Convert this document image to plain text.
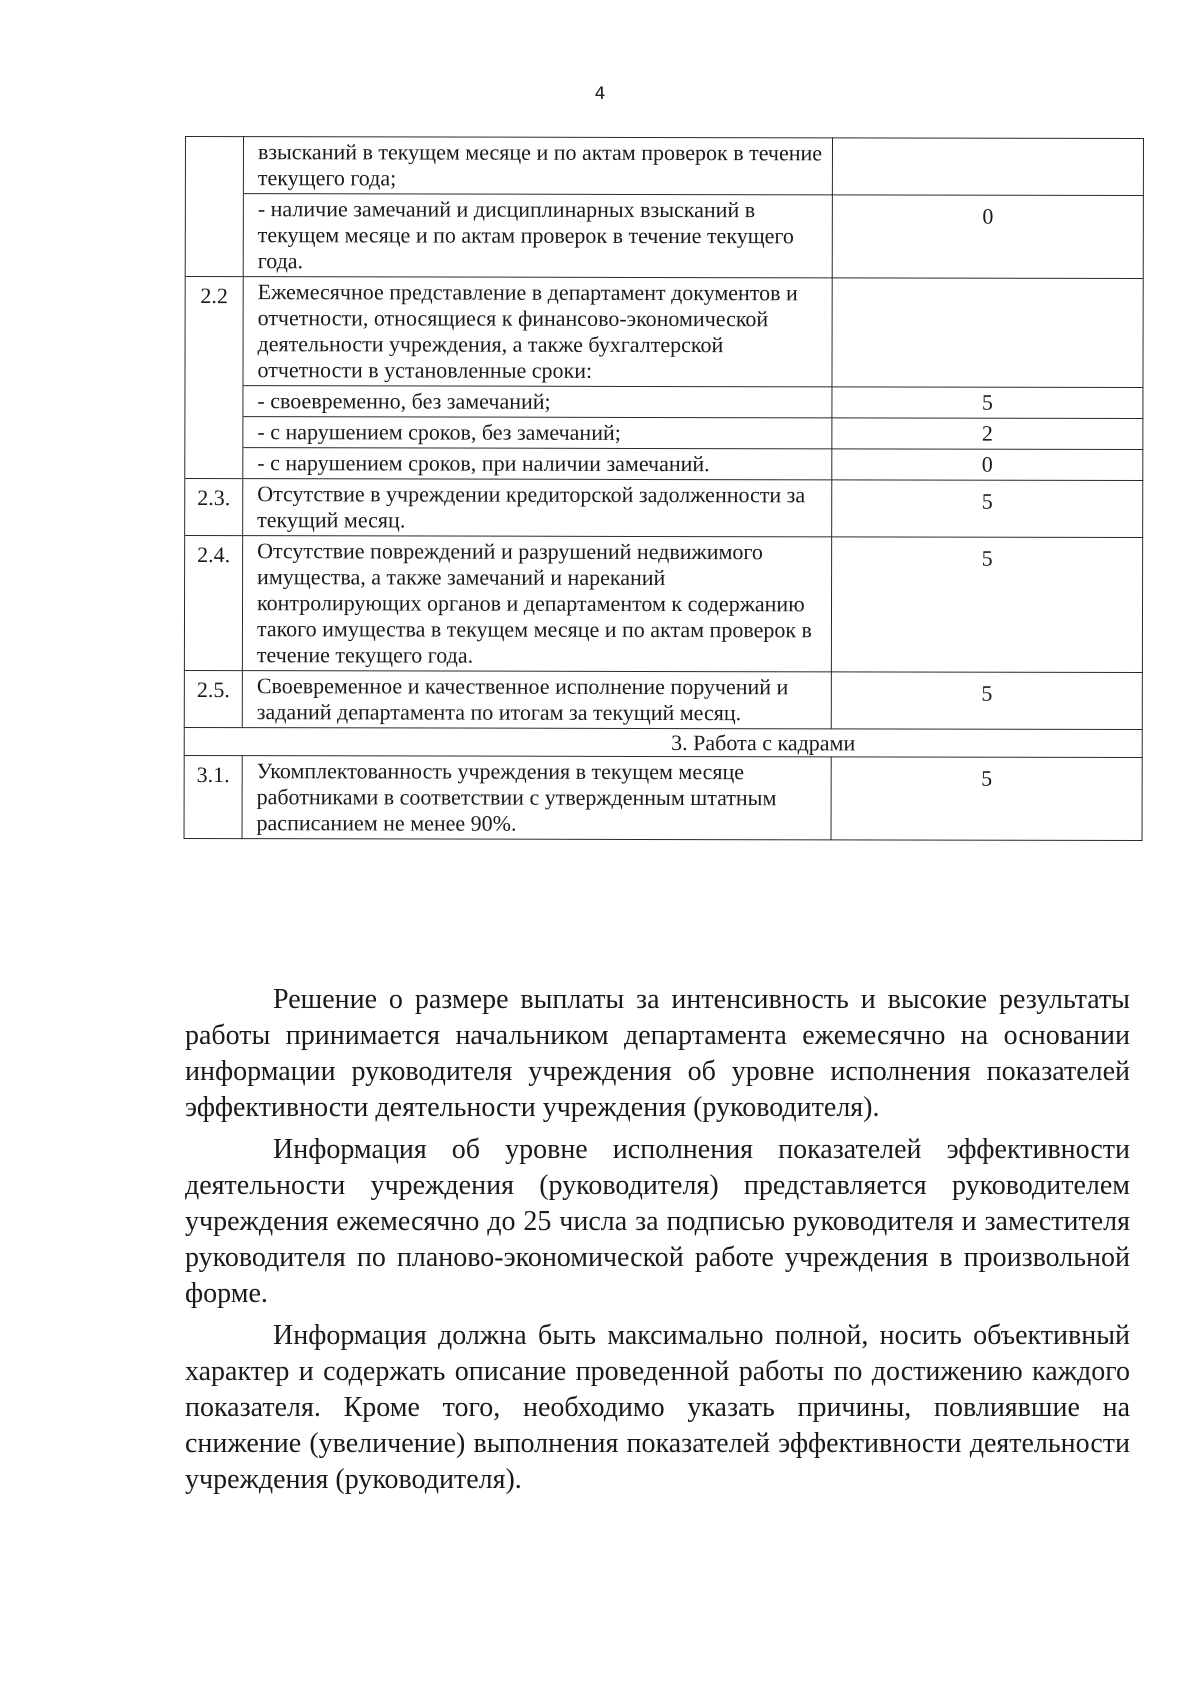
4
	взысканий в текущем месяце и по актам проверок в течение текущего года;	
	- наличие замечаний и дисциплинарных взысканий в текущем месяце и по актам проверок в течение текущего года.	0
2.2	Ежемесячное представление в департамент документов и отчетности, относящиеся к финансово-экономической деятельности учреждения, а также бухгалтерской отчетности в установленные сроки:	
	- своевременно, без замечаний;	5
	- с нарушением сроков, без замечаний;	2
	- с нарушением сроков, при наличии замечаний.	0
2.3.	Отсутствие в учреждении кредиторской задолженности за текущий месяц.	5
2.4.	Отсутствие повреждений и разрушений недвижимого имущества, а также замечаний и нареканий контролирующих органов и департаментом к содержанию такого имущества в текущем месяце и по актам проверок в течение текущего года.	5
2.5.	Своевременное и качественное исполнение поручений и заданий департамента по итогам за текущий месяц.	5
3. Работа с кадрами		
3.1.	Укомплектованность учреждения в текущем месяце работниками в соответствии с утвержденным штатным расписанием не менее 90%.	5

Решение о размере выплаты за интенсивность и высокие результаты работы принимается начальником департамента ежемесячно на основании информации руководителя учреждения об уровне исполнения показателей эффективности деятельности учреждения (руководителя).

Информация об уровне исполнения показателей эффективности деятельности учреждения (руководителя) представляется руководителем учреждения ежемесячно до 25 числа за подписью руководителя и заместителя руководителя по планово-экономической работе учреждения в произвольной форме.

Информация должна быть максимально полной, носить объективный характер и содержать описание проведенной работы по достижению каждого показателя. Кроме того, необходимо указать причины, повлиявшие на снижение (увеличение) выполнения показателей эффективности деятельности учреждения (руководителя).
